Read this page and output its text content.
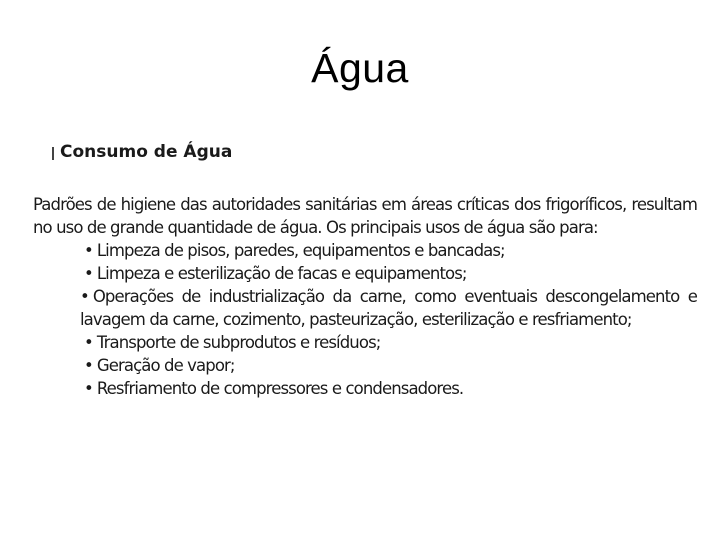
Água
Consumo de Água

Padrões de higiene das autoridades sanitárias em áreas críticas dos frigoríficos, resultam no uso de grande quantidade de água. Os principais usos de água são para:

• Limpeza de pisos, paredes, equipamentos e bancadas;
• Limpeza e esterilização de facas e equipamentos;
• Operações de industrialização da carne, como eventuais descongelamento e lavagem da carne, cozimento, pasteurização, esterilização e resfriamento;
• Transporte de subprodutos e resíduos;
• Geração de vapor;
• Resfriamento de compressores e condensadores.
